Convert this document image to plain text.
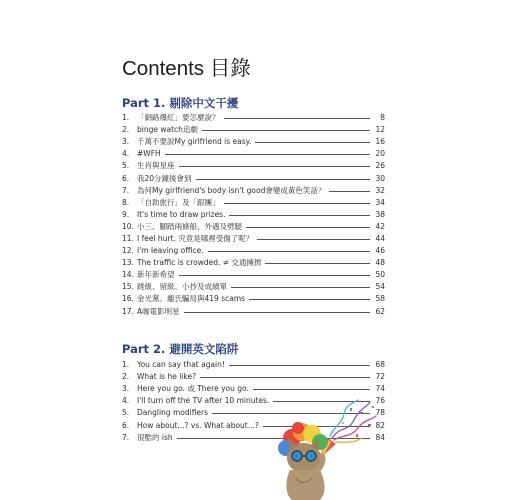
Contents 目錄
Part 1. 剔除中文干擾
1.	「網路爆紅」要怎麼說？	8
2.	binge watch追劇	12
3.	千萬不要說My girlfriend is easy.	16
4.	#WFH	20
5.	生肖與星座	26
6.	我20分鐘後會到	30
7.	為何My girlfriend's body isn't good會變成黃色笑話？	32
8.	「自助旅行」及「跟團」	34
9.	It's time to draw prizes.	38
10. 小三、腳踏兩條船、外遇及劈腿	42
11. I feel hurt. 究竟是哪裡受傷了呢？	44
12. I'm leaving office.	46
13. The traffic is crowded. ≠ 交通擁擠	48
14. 新年新希望	50
15. 跳級、留級、小抄及成績單	54
16. 金光黨、龐氏騙局與419 scams	58
17. A咖電影明星	62
Part 2. 避開英文陷阱
1.	You can say that again!	68
2.	What is he like?	72
3.	Here you go. 或 There you go.	74
4.	I'll turn off the TV after 10 minutes.	76
5.	Dangling modifiers	78
6.	How about...? vs. What about...?	82
7.	很酷的 ish	84
